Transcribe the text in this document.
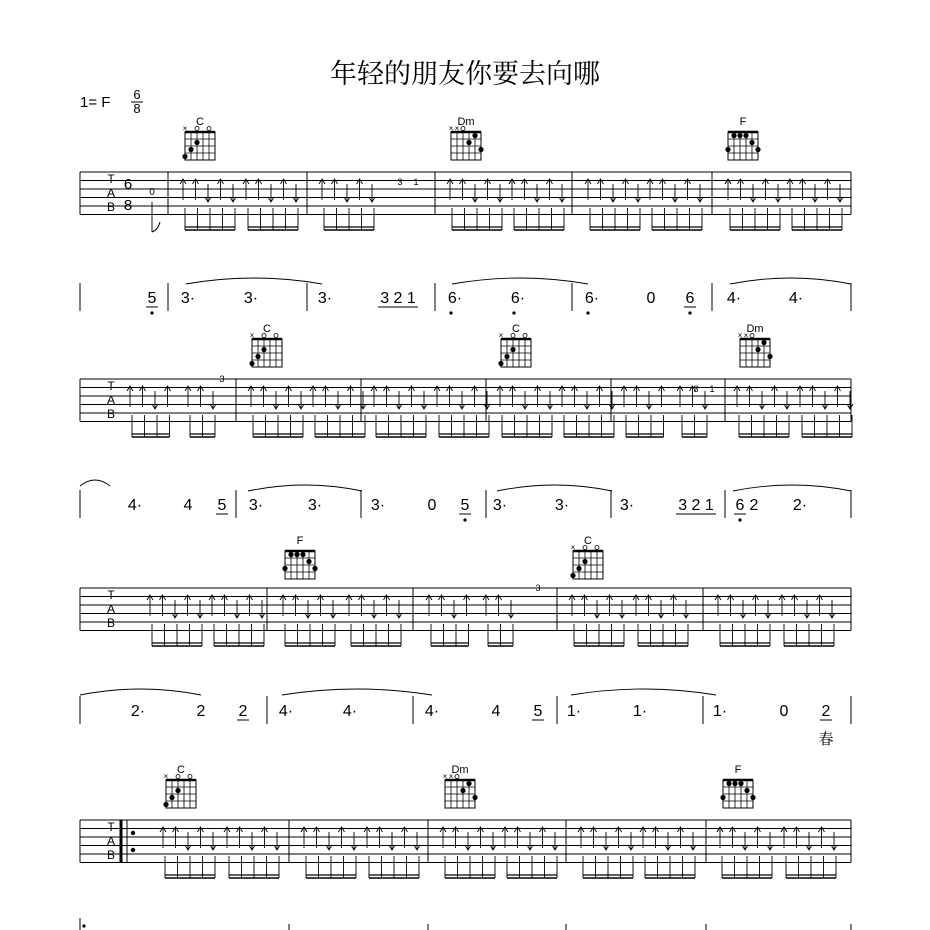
年轻的朋友你要去向哪
1= F 6
8
C
×
Dm
× ×
F
T
A
B
6
8
0
3 1
5 3·	3·	3·	3 2 1 6·	6·	6·	0 6 4·	4·
C
×
C
×
Dm
× ×
T
A
B
3
3 1
4·	4 5 3·	3·	3·	0 5 3·	3·	3·	3 2 1 6 2 2·
F	C
×
T
A
B
3
2·	2 2 4·	4·	4·	4 5 1·	1·	1·	0 2
春
C
×
Dm
× ×
F
T
A
B
